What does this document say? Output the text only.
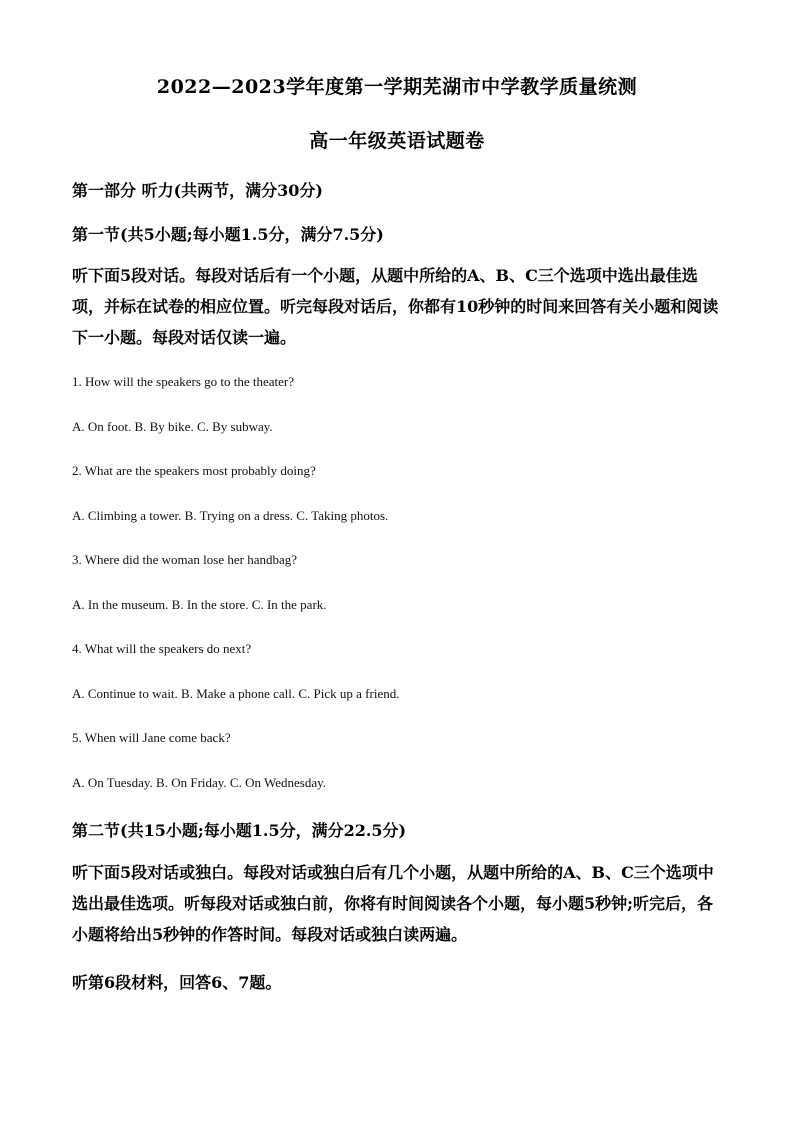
2022—2023学年度第一学期芜湖市中学教学质量统测
高一年级英语试题卷
第一部分 听力(共两节，满分30分)
第一节(共5小题;每小题1.5分，满分7.5分)
听下面5段对话。每段对话后有一个小题，从题中所给的A、B、C三个选项中选出最佳选项，并标在试卷的相应位置。听完每段对话后，你都有10秒钟的时间来回答有关小题和阅读下一小题。每段对话仅读一遍。
1. How will the speakers go to the theater?
A. On foot. B. By bike. C. By subway.
2. What are the speakers most probably doing?
A. Climbing a tower. B. Trying on a dress. C. Taking photos.
3. Where did the woman lose her handbag?
A. In the museum. B. In the store. C. In the park.
4. What will the speakers do next?
A. Continue to wait. B. Make a phone call. C. Pick up a friend.
5. When will Jane come back?
A. On Tuesday. B. On Friday. C. On Wednesday.
第二节(共15小题;每小题1.5分，满分22.5分)
听下面5段对话或独白。每段对话或独白后有几个小题，从题中所给的A、B、C三个选项中选出最佳选项。听每段对话或独白前，你将有时间阅读各个小题，每小题5秒钟;听完后，各小题将给出5秒钟的作答时间。每段对话或独白读两遍。
听第6段材料，回答6、7题。
